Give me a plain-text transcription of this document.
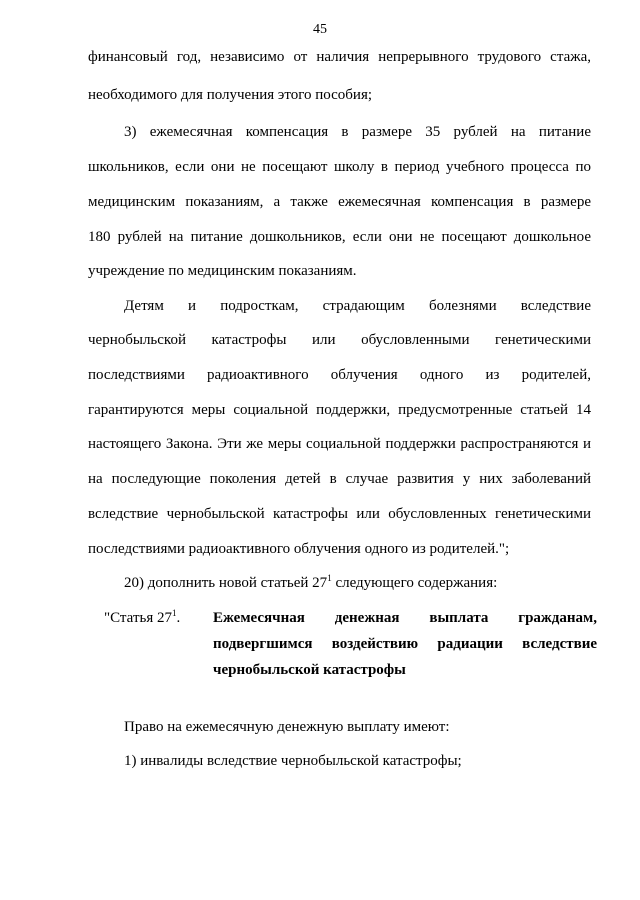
45
финансовый год, независимо от наличия непрерывного трудового стажа,
необходимого для получения этого пособия;
3) ежемесячная компенсация в размере 35 рублей на питание
школьников, если они не посещают школу в период учебного процесса по
медицинским показаниям, а также ежемесячная компенсация в размере
180 рублей на питание дошкольников, если они не посещают дошкольное
учреждение по медицинским показаниям.
Детям и подросткам, страдающим болезнями вследствие
чернобыльской катастрофы или обусловленными генетическими
последствиями радиоактивного облучения одного из родителей,
гарантируются меры социальной поддержки, предусмотренные статьей 14
настоящего Закона. Эти же меры социальной поддержки распространяются и
на последующие поколения детей в случае развития у них заболеваний
вследствие чернобыльской катастрофы или обусловленных генетическими
последствиями радиоактивного облучения одного из родителей.";
20) дополнить новой статьей $27^1$ следующего содержания:
"Статья $27^1$. Ежемесячная денежная выплата гражданам,
подвергшимся воздействию радиации вследствие
чернобыльской катастрофы
Право на ежемесячную денежную выплату имеют:
1) инвалиды вследствие чернобыльской катастрофы;
